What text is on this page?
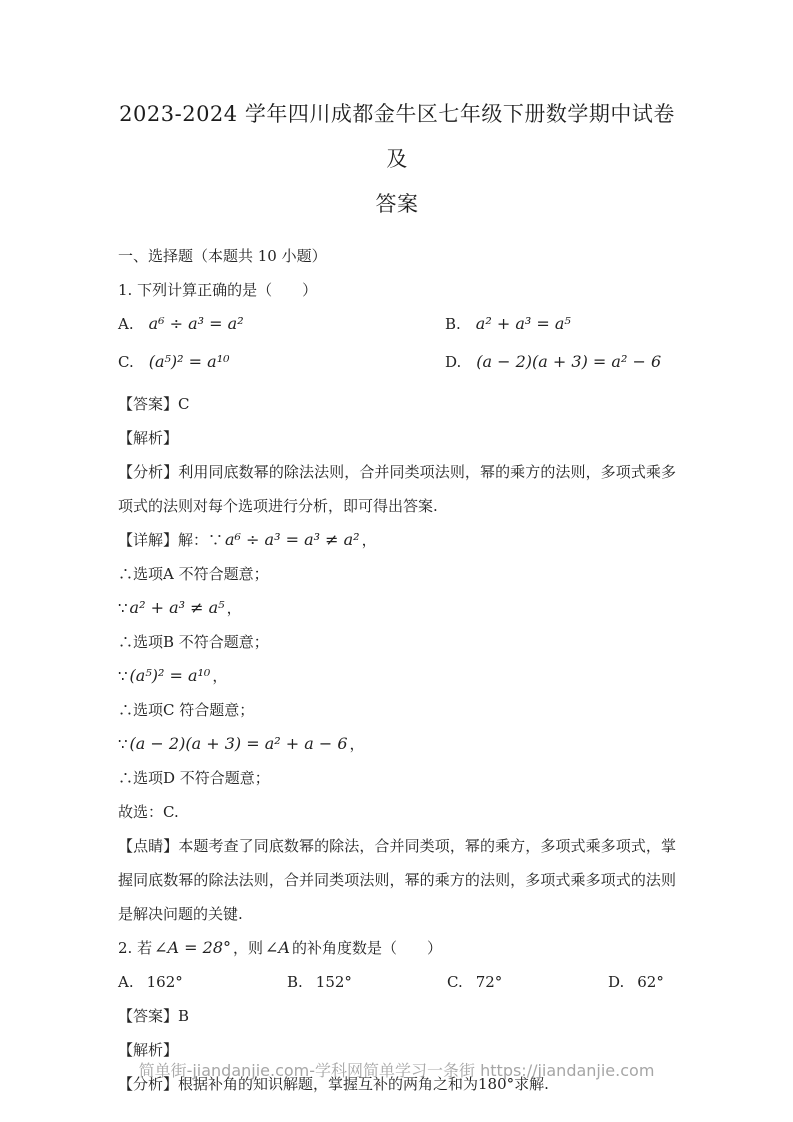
2023-2024 学年四川成都金牛区七年级下册数学期中试卷及
答案

一、选择题（本题共 10 小题）

1. 下列计算正确的是（　　）

A. a⁶ ÷ a³ = a²	B. a² + a³ = a⁵

C. (a⁵)² = a¹⁰	D. (a − 2)(a + 3) = a² − 6

【答案】C

【解析】

【分析】利用同底数幂的除法法则，合并同类项法则，幂的乘方的法则，多项式乘多项式的法则对每个选项进行分析，即可得出答案.

【详解】解：∵ a⁶ ÷ a³ = a³ ≠ a² ，

∴选项A 不符合题意；

∵ a² + a³ ≠ a⁵ ，

∴选项B 不符合题意；

∵ (a⁵)² = a¹⁰ ，

∴选项C 符合题意；

∵ (a − 2)(a + 3) = a² + a − 6 ，

∴选项D 不符合题意；

故选：C.

【点睛】本题考查了同底数幂的除法，合并同类项，幂的乘方，多项式乘多项式，掌握同底数幂的除法法则，合并同类项法则，幂的乘方的法则，多项式乘多项式的法则是解决问题的关键.

2. 若 ∠A = 28° ，则 ∠A 的补角度数是（　　）

A. 162°	B. 152°	C. 72°	D. 62°

【答案】B

【解析】

【分析】根据补角的知识解题，掌握互补的两角之和为180°求解.

简单街-jiandanjie.com-学科网简单学习一条街 https://jiandanjie.com
